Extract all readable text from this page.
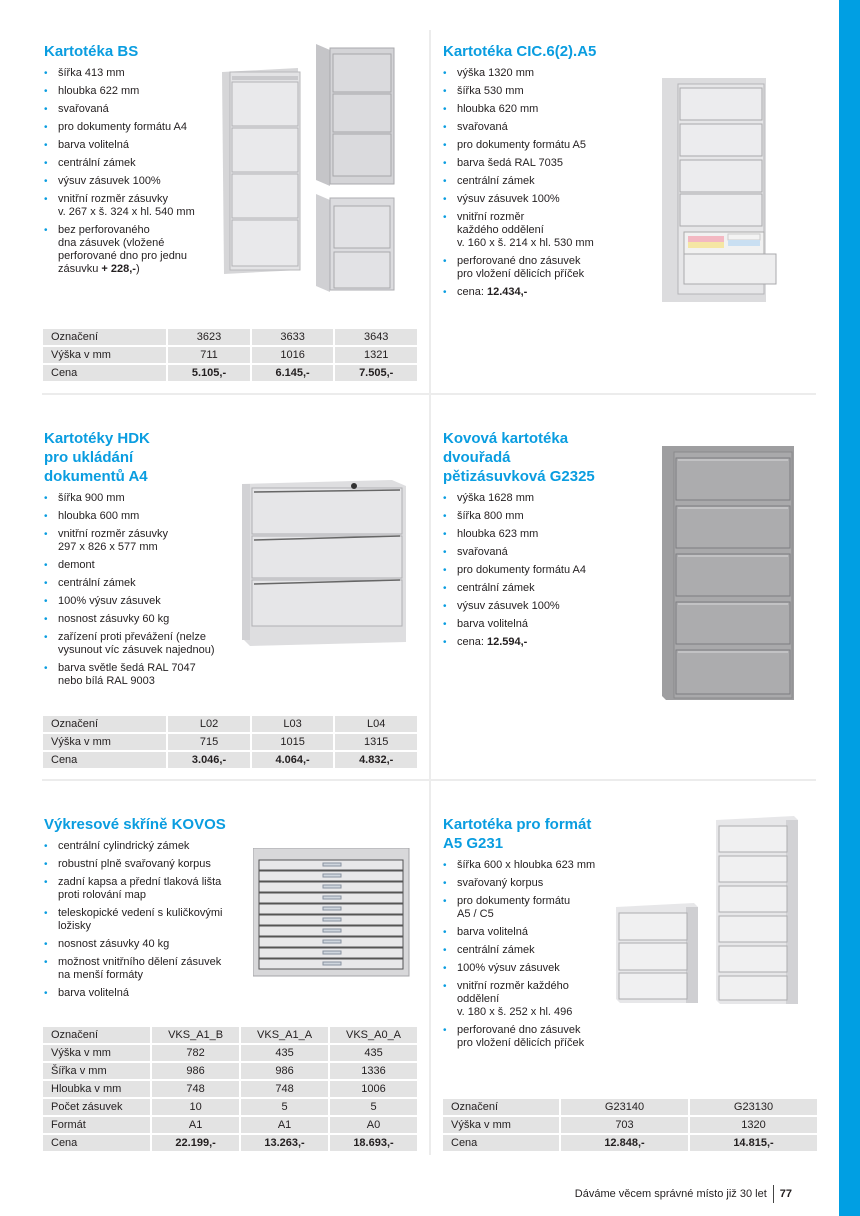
Kartotéka BS
• šířka 413 mm
• hloubka 622 mm
• svařovaná
• pro dokumenty formátu A4
• barva volitelná
• centrální zámek
• výsuv zásuvek 100%
• vnitřní rozměr zásuvky
v. 267 x š. 324 x hl. 540 mm
• bez perforovaného
dna zásuvek (vložené
perforované dno pro jednu
zásuvku + 228,-)
Označení	3623	3633	3643
Výška v mm	711	1016	1321
Cena	5.105,-	6.145,-	7.505,-
Kartotéka CIC.6(2).A5
• výška 1320 mm
• šířka 530 mm
• hloubka 620 mm
• svařovaná
• pro dokumenty formátu A5
• barva šedá RAL 7035
• centrální zámek
• výsuv zásuvek 100%
• vnitřní rozměr
každého oddělení
v. 160 x š. 214 x hl. 530 mm
• perforované dno zásuvek
pro vložení dělicích příček
• cena: 12.434,-
Kartotéky HDK
pro ukládání
dokumentů A4
• šířka 900 mm
• hloubka 600 mm
• vnitřní rozměr zásuvky
297 x 826 x 577 mm
• demont
• centrální zámek
• 100% výsuv zásuvek
• nosnost zásuvky 60 kg
• zařízení proti převážení (nelze
vysunout víc zásuvek najednou)
• barva světle šedá RAL 7047
nebo bílá RAL 9003
Označení	L02	L03	L04
Výška v mm	715	1015	1315
Cena	3.046,-	4.064,-	4.832,-
Kovová kartotéka
dvouřadá
pětizásuvková G2325
• výška 1628 mm
• šířka 800 mm
• hloubka 623 mm
• svařovaná
• pro dokumenty formátu A4
• centrální zámek
• výsuv zásuvek 100%
• barva volitelná
• cena: 12.594,-
Výkresové skříně KOVOS
• centrální cylindrický zámek
• robustní plně svařovaný korpus
• zadní kapsa a přední tlaková lišta
proti rolování map
• teleskopické vedení s kuličkovými
ložisky
• nosnost zásuvky 40 kg
• možnost vnitřního dělení zásuvek
na menší formáty
• barva volitelná
Označení	VKS_A1_B	VKS_A1_A	VKS_A0_A
Výška v mm	782	435	435
Šířka v mm	986	986	1336
Hloubka v mm	748	748	1006
Počet zásuvek	10	5	5
Formát	A1	A1	A0
Cena	22.199,-	13.263,-	18.693,-
Kartotéka pro formát
A5 G231
• šířka 600 x hloubka 623 mm
• svařovaný korpus
• pro dokumenty formátu
A5 / C5
• barva volitelná
• centrální zámek
• 100% výsuv zásuvek
• vnitřní rozměr každého
oddělení
v. 180 x š. 252 x hl. 496
• perforované dno zásuvek
pro vložení dělicích příček
Označení	G23140	G23130
Výška v mm	703	1320
Cena	12.848,-	14.815,-
Dáváme věcem správné místo již 30 let 77
